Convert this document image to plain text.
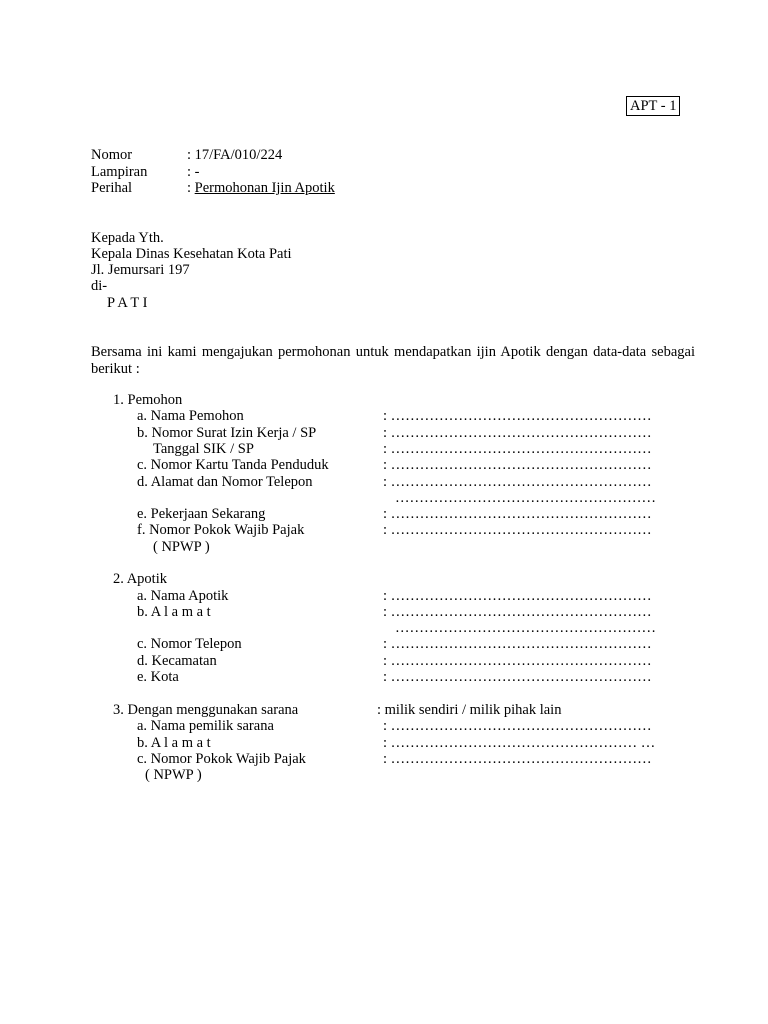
APT - 1
Nomor	: 17/FA/010/224
Lampiran	: -
Perihal	: Permohonan Ijin Apotik
Kepada Yth.
Kepala Dinas Kesehatan Kota Pati
Jl. Jemursari 197
di-
P A T I
Bersama ini kami mengajukan permohonan untuk mendapatkan ijin Apotik dengan data-data sebagai berikut :
1. Pemohon
a. Nama Pemohon	: ………………………………………………
b. Nomor Surat Izin Kerja / SP	: ………………………………………………
Tanggal SIK / SP	: ………………………………………………
c. Nomor Kartu Tanda Penduduk	: ………………………………………………
d. Alamat dan Nomor Telepon	: ………………………………………………
………………………………………………
e. Pekerjaan Sekarang	: ………………………………………………
f. Nomor Pokok Wajib Pajak	: ………………………………………………
( NPWP )
2. Apotik
a. Nama Apotik	: ………………………………………………
b. A l a m a t	: ………………………………………………
………………………………………………
c. Nomor Telepon	: ………………………………………………
d. Kecamatan	: ………………………………………………
e. Kota	: ………………………………………………
3. Dengan menggunakan sarana	: milik sendiri / milik pihak lain
a. Nama pemilik sarana	: ………………………………………………
b. A l a m a t	: …………………………………………… …
c. Nomor Pokok Wajib Pajak	: ………………………………………………
( NPWP )
